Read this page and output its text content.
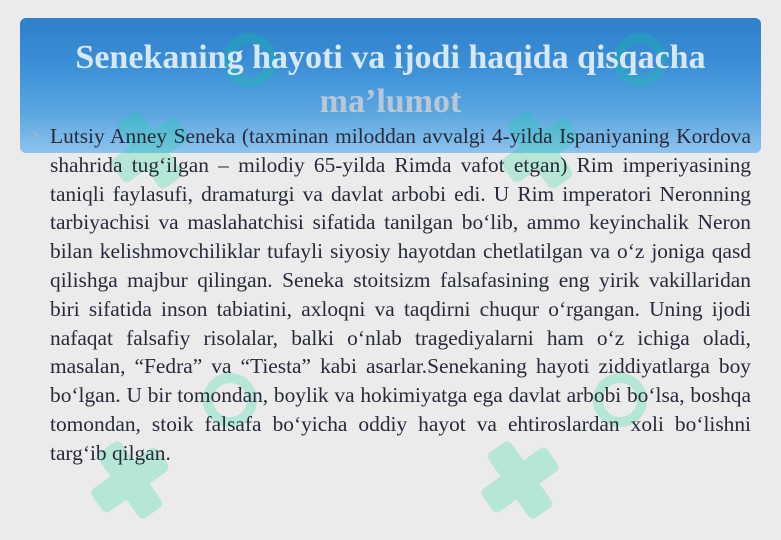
Senekaning hayoti va ijodi haqida qisqacha
ma’lumot

Lutsiy Anney Seneka (taxminan miloddan avvalgi 4-yilda Ispaniyaning Kordova shahrida tug‘ilgan – milodiy 65-yilda Rimda vafot etgan) Rim imperiyasining taniqli faylasufi, dramaturgi va davlat arbobi edi. U Rim imperatori Neronning tarbiyachisi va maslahatchisi sifatida tanilgan bo‘lib, ammo keyinchalik Neron bilan kelishmovchiliklar tufayli siyosiy hayotdan chetlatilgan va o‘z joniga qasd qilishga majbur qilingan. Seneka stoitsizm falsafasining eng yirik vakillaridan biri sifatida inson tabiatini, axloqni va taqdirni chuqur o‘rgangan. Uning ijodi nafaqat falsafiy risolalar, balki o‘nlab tragediyalarni ham o‘z ichiga oladi, masalan, “Fedra” va “Tiesta” kabi asarlar.Senekaning hayoti ziddiyatlarga boy bo‘lgan. U bir tomondan, boylik va hokimiyatga ega davlat arbobi bo‘lsa, boshqa tomondan, stoik falsafa bo‘yicha oddiy hayot va ehtiroslardan xoli bo‘lishni targ‘ib qilgan.
